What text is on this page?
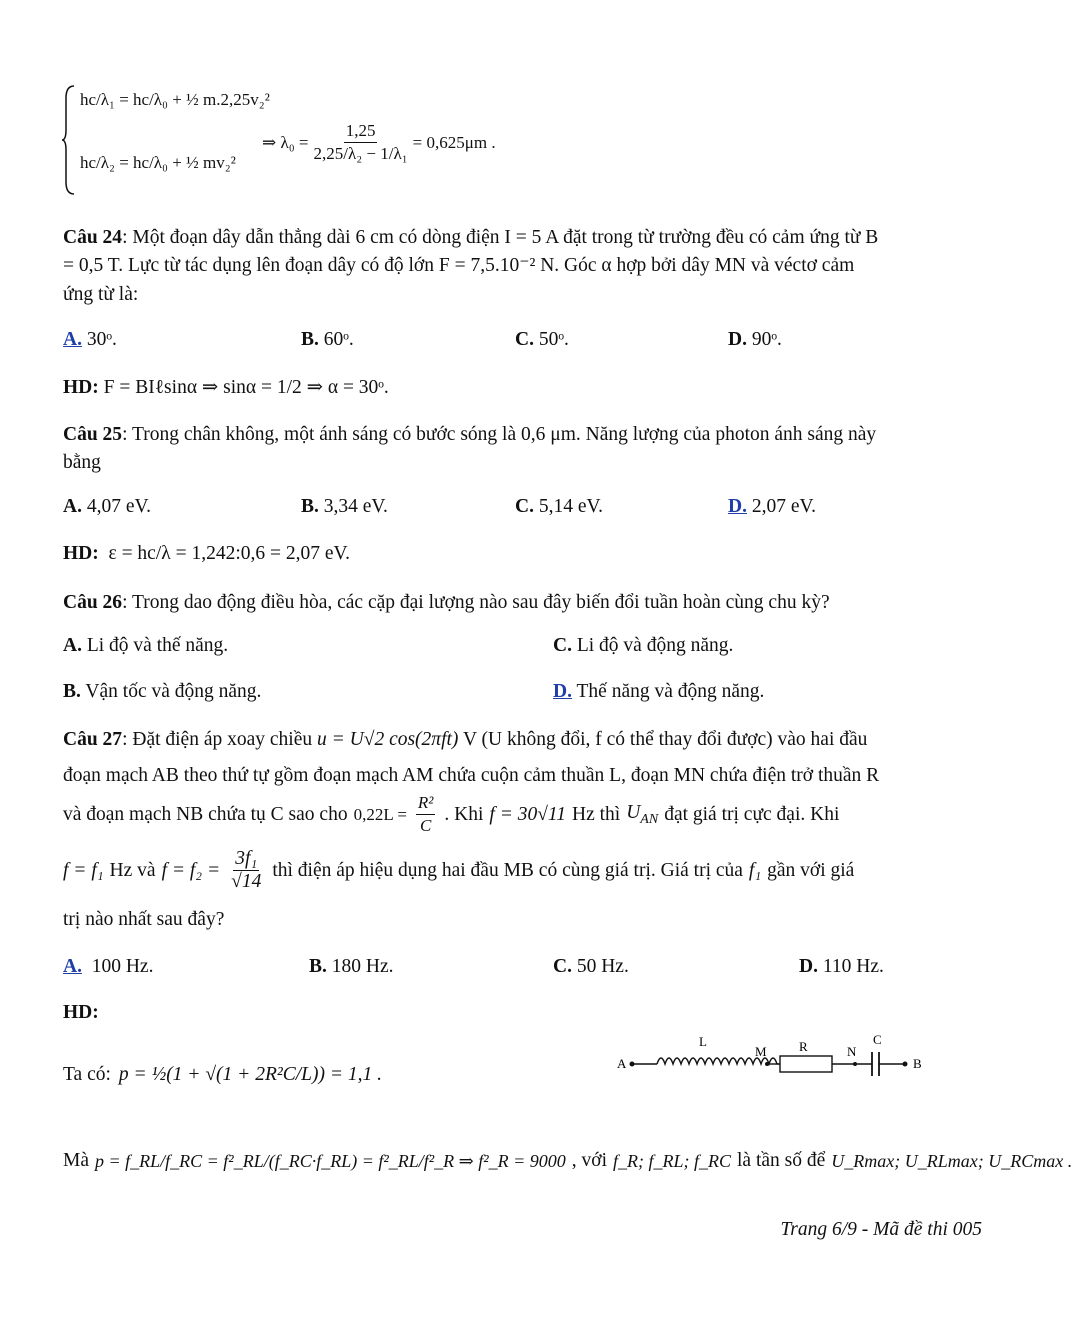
hc/λ₁ = hc/λ₀ + ½ m.2,25v₂²
hc/λ₂ = hc/λ₀ + ½ mv₂²
⇒ $\lambda_0 = \frac{1,25}{\text{2,25/λ₂ − 1/λ₁}} = 0,625\mu m$ .
Câu 24: Một đoạn dây dẫn thẳng dài 6 cm có dòng điện I = 5 A đặt trong từ trường đều có cảm ứng từ B
= 0,5 T. Lực từ tác dụng lên đoạn dây có độ lớn F = 7,5.10⁻² N. Góc α hợp bởi dây MN và véctơ cảm
ứng từ là:
A. 30ᵒ.	B. 60ᵒ.	C. 50ᵒ.	D. 90ᵒ.
HD: F = BIℓsinα ⇒ sinα = 1/2 ⇒ α = 30ᵒ.
Câu 25: Trong chân không, một ánh sáng có bước sóng là 0,6 μm. Năng lượng của photon ánh sáng này
bằng
A. 4,07 eV.	B. 3,34 eV.	C. 5,14 eV.	D. 2,07 eV.
HD: ε = hc/λ = 1,242:0,6 = 2,07 eV.
Câu 26: Trong dao động điều hòa, các cặp đại lượng nào sau đây biến đổi tuần hoàn cùng chu kỳ?
A. Li độ và thế năng.	C. Li độ và động năng.
B. Vận tốc và động năng.	D. Thế năng và động năng.
Câu 27: Đặt điện áp xoay chiều u = U√2 cos(2πft) V (U không đổi, f có thể thay đổi được) vào hai đầu
đoạn mạch AB theo thứ tự gồm đoạn mạch AM chứa cuộn cảm thuần L, đoạn MN chứa điện trở thuần R
và đoạn mạch NB chứa tụ C sao cho $0,22L = \frac{\text{R²}}{C}$ . Khi f = 30√11 Hz thì $U_{AN}$ đạt giá trị cực đại. Khi
f = f₁ Hz và $f = f_2 = \frac{\text{3f₁}}{√14}$ thì điện áp hiệu dụng hai đầu MB có cùng giá trị. Giá trị của f₁ gần với giá
trị nào nhất sau đây?
A. 100 Hz.	B. 180 Hz.	C. 50 Hz.	D. 110 Hz.
HD:
Ta có: p = ½(1 + √(1 + 2R²C/L)) = 1,1 .
Mà p = f_RL/f_RC = f²_RL/(f_RC·f_RL) = f²_RL/f²_R ⇒ f²_R = 9000 , với f_R; f_RL; f_RC là tần số để U_Rmax; U_RLmax; U_RCmax .
A
L
M R	N
C
B
Trang 6/9 - Mã đề thi 005
